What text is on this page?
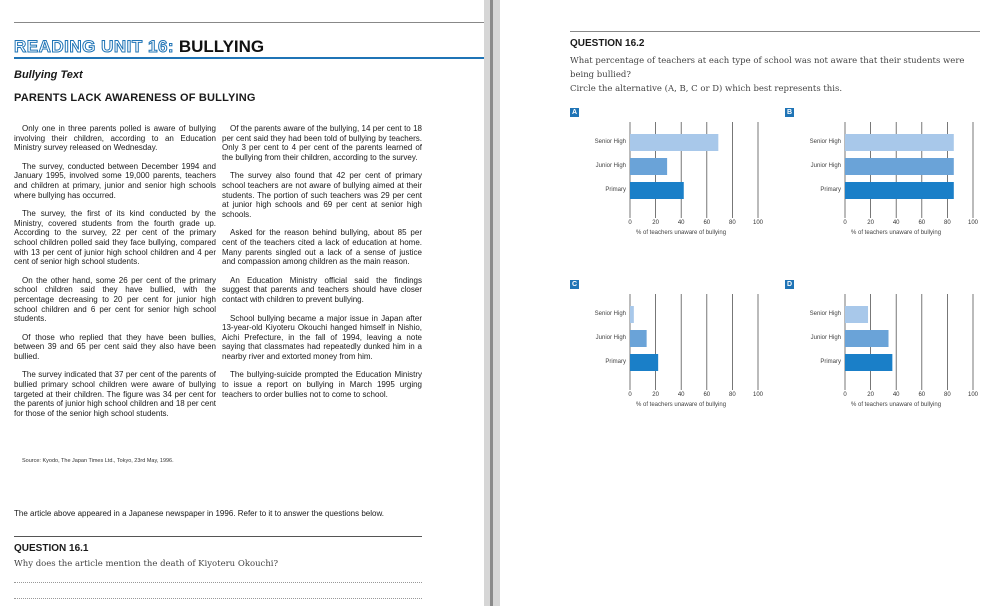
READING UNIT 16: BULLYING
Bullying Text
PARENTS LACK AWARENESS OF BULLYING

Only one in three parents polled is aware of bullying involving their children, according to an Education Ministry survey released on Wednesday.

The survey, conducted between December 1994 and January 1995, involved some 19,000 parents, teachers and children at primary, junior and senior high schools where bullying has occurred.

The survey, the first of its kind conducted by the Ministry, covered students from the fourth grade up. According to the survey, 22 per cent of the primary school children polled said they face bullying, compared with 13 per cent of junior high school children and 4 per cent of senior high school students.

On the other hand, some 26 per cent of the primary school children said they have bullied, with the percentage decreasing to 20 per cent for junior high school children and 6 per cent for senior high school students.

Of those who replied that they have been bullies, between 39 and 65 per cent said they also have been bullied.

The survey indicated that 37 per cent of the parents of bullied primary school children were aware of bullying targeted at their children. The figure was 34 per cent for the parents of junior high school children and 18 per cent for those of the senior high school students.

Of the parents aware of the bullying, 14 per cent to 18 per cent said they had been told of bullying by teachers. Only 3 per cent to 4 per cent of the parents learned of the bullying from their children, according to the survey.

The survey also found that 42 per cent of primary school teachers are not aware of bullying aimed at their students. The portion of such teachers was 29 per cent at junior high schools and 69 per cent at senior high schools.

Asked for the reason behind bullying, about 85 per cent of the teachers cited a lack of education at home. Many parents singled out a lack of a sense of justice and compassion among children as the main reason.

An Education Ministry official said the findings suggest that parents and teachers should have closer contact with children to prevent bullying.

School bullying became a major issue in Japan after 13-year-old Kiyoteru Okouchi hanged himself in Nishio, Aichi Prefecture, in the fall of 1994, leaving a note saying that classmates had repeatedly dunked him in a nearby river and extorted money from him.

The bullying-suicide prompted the Education Ministry to issue a report on bullying in March 1995 urging teachers to order bullies not to come to school.

Source: Kyodo, The Japan Times Ltd., Tokyo, 23rd May, 1996.
The article above appeared in a Japanese newspaper in 1996. Refer to it to answer the questions below.
QUESTION 16.1
Why does the article mention the death of Kiyoteru Okouchi?
QUESTION 16.2
What percentage of teachers at each type of school was not aware that their students were being bullied?
Circle the alternative (A, B, C or D) which best represents this.
A
Senior High
Junior High
Primary
0	20	40	60	80	100
% of teachers unaware of bullying
B
Senior High
Junior High
Primary
0	20	40	60	80	100
% of teachers unaware of bullying
C
Senior High
Junior High
Primary
0	20	40	60	80	100
% of teachers unaware of bullying
D
Senior High
Junior High
Primary
0	20	40	60	80	100
% of teachers unaware of bullying
